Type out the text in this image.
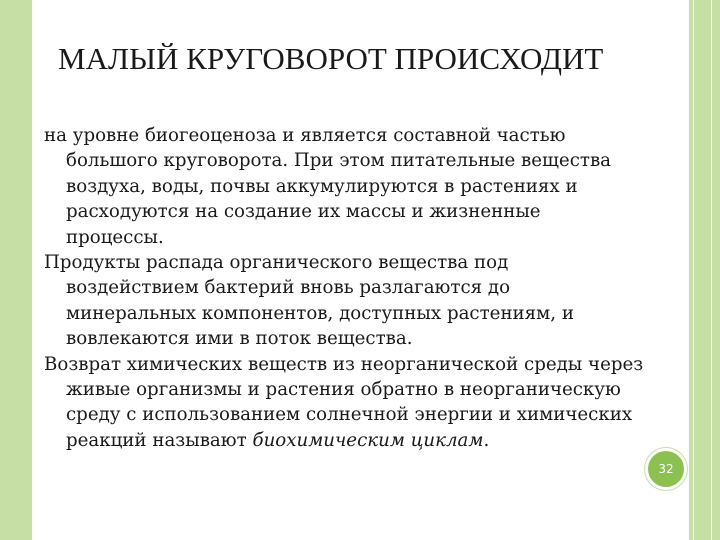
МАЛЫЙ КРУГОВОРОТ ПРОИСХОДИТ

на уровне биогеоценоза и является составной частью большого круговорота. При этом питательные вещества воздуха, воды, почвы аккумулируются в растениях и расходуются на создание их массы и жизненные процессы.

Продукты распада органического вещества под воздействием бактерий вновь разлагаются до минеральных компонентов, доступных растениям, и вовлекаются ими в поток вещества.

Возврат химических веществ из неорганической среды через живые организмы и растения обратно в неорганическую среду с использованием солнечной энергии и химических реакций называют биохимическим циклам.

32
